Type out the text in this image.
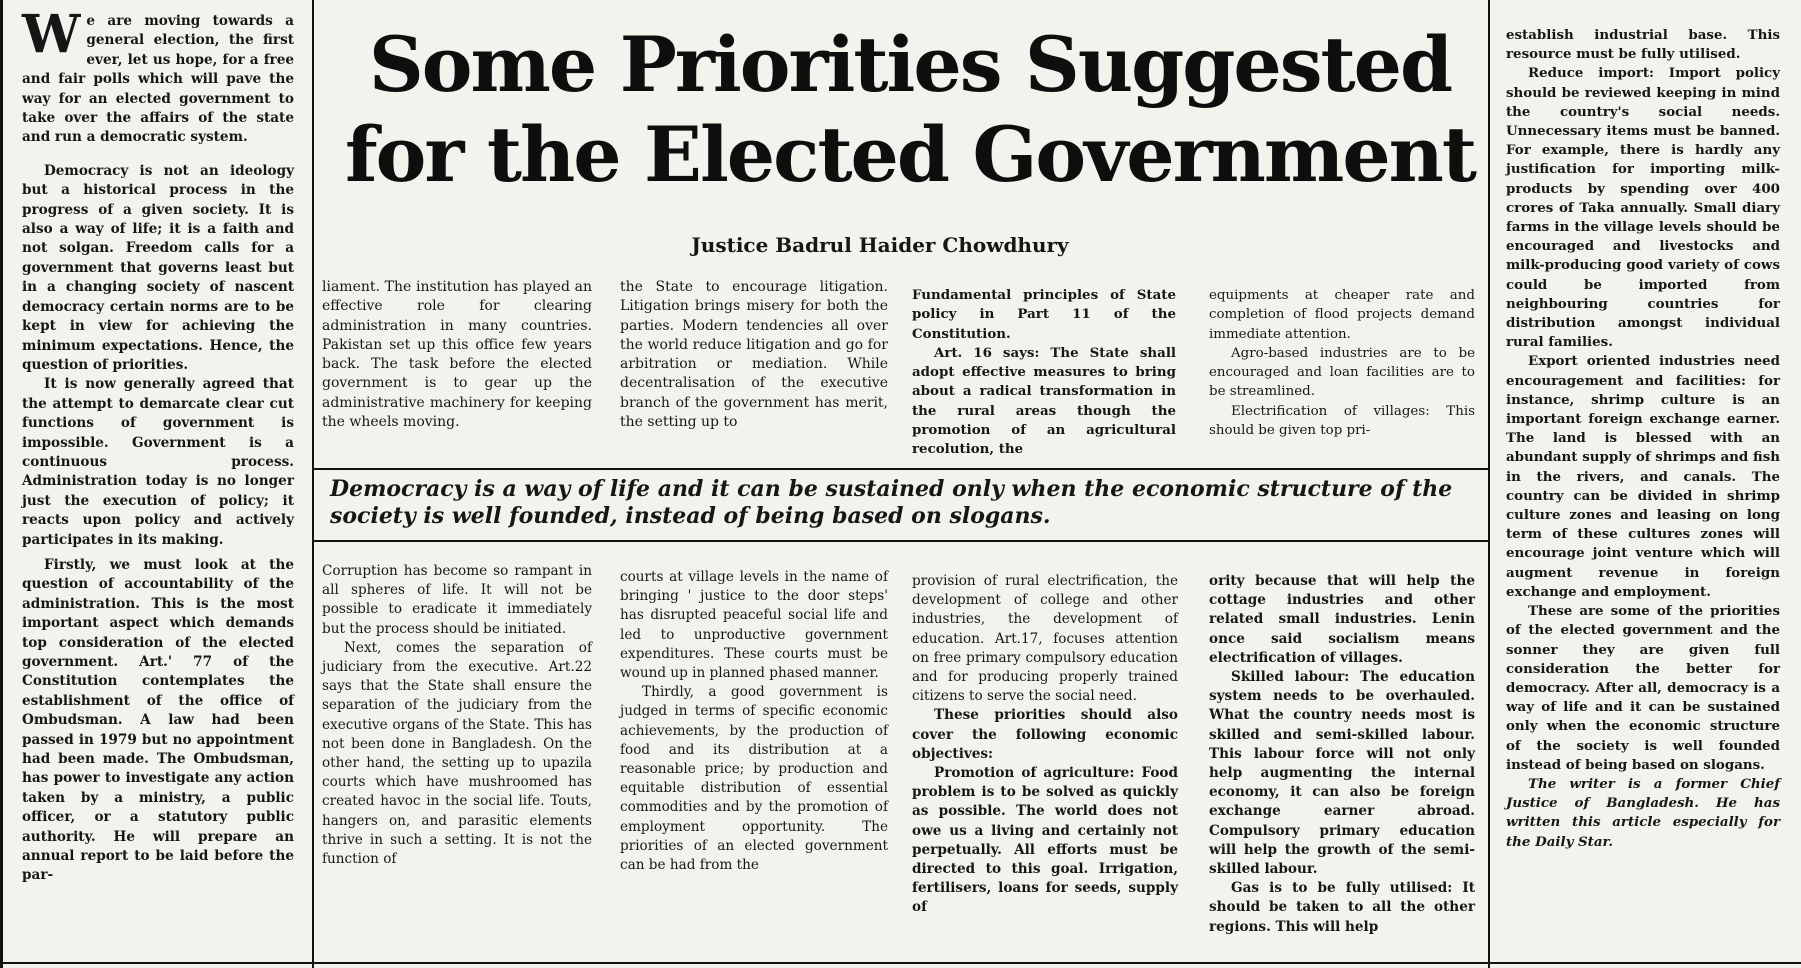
Some Priorities Suggested for the Elected Government
Justice Badrul Haider Chowdhury

We are moving towards a general election, the first ever, let us hope, for a free and fair polls which will pave the way for an elected government to take over the affairs of the state and run a democratic system.

Democracy is not an ideology but a historical process in the progress of a given society. It is also a way of life; it is a faith and not solgan. Freedom calls for a government that governs least but in a changing society of nascent democracy certain norms are to be kept in view for achieving the minimum expectations. Hence, the question of priorities.

It is now generally agreed that the attempt to demarcate clear cut functions of government is impossible. Government is a continuous process. Administration today is no longer just the execution of policy; it reacts upon policy and actively participates in its making.

Firstly, we must look at the question of accountability of the administration. This is the most important aspect which demands top consideration of the elected government. Art.' 77 of the Constitution contemplates the establishment of the office of Ombudsman. A law had been passed in 1979 but no appointment had been made. The Ombudsman, has power to investigate any action taken by a ministry, a public officer, or a statutory public authority. He will prepare an annual report to be laid before the par-

liament. The institution has played an effective role for clearing administration in many countries. Pakistan set up this office few years back. The task before the elected government is to gear up the administrative machinery for keeping the wheels moving.

the State to encourage litigation. Litigation brings misery for both the parties. Modern tendencies all over the world reduce litigation and go for arbitration or mediation. While decentralisation of the executive branch of the government has merit, the setting up to

Fundamental principles of State policy in Part 11 of the Constitution.

Art. 16 says: The State shall adopt effective measures to bring about a radical transformation in the rural areas though the promotion of an agricultural recolution, the

equipments at cheaper rate and completion of flood projects demand immediate attention.

Agro-based industries are to be encouraged and loan facilities are to be streamlined.

Electrification of villages: This should be given top pri-

Democracy is a way of life and it can be sustained only when the economic structure of the society is well founded, instead of being based on slogans.

Corruption has become so rampant in all spheres of life. It will not be possible to eradicate it immediately but the process should be initiated.

Next, comes the separation of judiciary from the executive. Art.22 says that the State shall ensure the separation of the judiciary from the executive organs of the State. This has not been done in Bangladesh. On the other hand, the setting up to upazila courts which have mushroomed has created havoc in the social life. Touts, hangers on, and parasitic elements thrive in such a setting. It is not the function of

courts at village levels in the name of bringing ' justice to the door steps' has disrupted peaceful social life and led to unproductive government expenditures. These courts must be wound up in planned phased manner.

Thirdly, a good government is judged in terms of specific economic achievements, by the production of food and its distribution at a reasonable price; by production and equitable distribution of essential commodities and by the promotion of employment opportunity. The priorities of an elected government can be had from the

provision of rural electrification, the development of college and other industries, the development of education. Art.17, focuses attention on free primary compulsory education and for producing properly trained citizens to serve the social need.

These priorities should also cover the following economic objectives:

Promotion of agriculture: Food problem is to be solved as quickly as possible. The world does not owe us a living and certainly not perpetually. All efforts must be directed to this goal. Irrigation, fertilisers, loans for seeds, supply of

ority because that will help the cottage industries and other related small industries. Lenin once said socialism means electrification of villages.

Skilled labour: The education system needs to be overhauled. What the country needs most is skilled and semi-skilled labour. This labour force will not only help augmenting the internal economy, it can also be foreign exchange earner abroad. Compulsory primary education will help the growth of the semi- skilled labour.

Gas is to be fully utilised: It should be taken to all the other regions. This will help

establish industrial base. This resource must be fully utilised.

Reduce import: Import policy should be reviewed keeping in mind the country's social needs. Unnecessary items must be banned. For example, there is hardly any justification for importing milk-products by spending over 400 crores of Taka annually. Small diary farms in the village levels should be encouraged and livestocks and milk-producing good variety of cows could be imported from neighbouring countries for distribution amongst individual rural families.

Export oriented industries need encouragement and facilities: for instance, shrimp culture is an important foreign exchange earner. The land is blessed with an abundant supply of shrimps and fish in the rivers, and canals. The country can be divided in shrimp culture zones and leasing on long term of these cultures zones will encourage joint venture which will augment revenue in foreign exchange and employment.

These are some of the priorities of the elected government and the sonner they are given full consideration the better for democracy. After all, democracy is a way of life and it can be sustained only when the economic structure of the society is well founded instead of being based on slogans.

The writer is a former Chief Justice of Bangladesh. He has written this article especially for the Daily Star.
